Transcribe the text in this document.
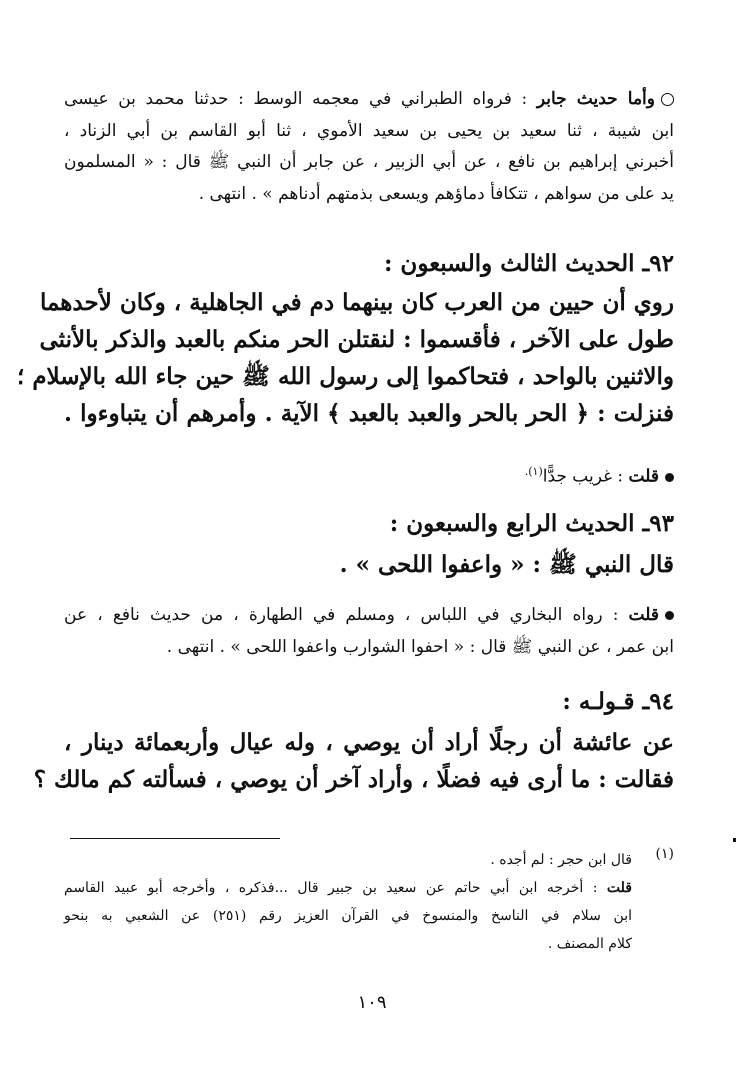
وأما حديث جابر : فرواه الطبراني في معجمه الوسط : حدثنا محمد بن عيسى
ابن شيبة ، ثنا سعيد بن يحيى بن سعيد الأموي ، ثنا أبو القاسم بن أبي الزناد ،
أخبرني إبراهيم بن نافع ، عن أبي الزبير ، عن جابر أن النبي ﷺ قال : « المسلمون
يد على من سواهم ، تتكافأ دماؤهم ويسعى بذمتهم أدناهم » . انتهى .
٩٢ـ الحديث الثالث والسبعون :
روي أن حيين من العرب كان بينهما دم في الجاهلية ، وكان لأحدهما
طول على الآخر ، فأقسموا : لنقتلن الحر منكم بالعبد والذكر بالأنثى
والاثنين بالواحد ، فتحاكموا إلى رسول الله ﷺ حين جاء الله بالإسلام ؛
فنزلت : ﴿ الحر بالحر والعبد بالعبد ﴾ الآية . وأمرهم أن يتباوءوا .
قلت : غريب جدًّا$^{(١).}$
٩٣ـ الحديث الرابع والسبعون :
قال النبي ﷺ : « واعفوا اللحى » .
قلت : رواه البخاري في اللباس ، ومسلم في الطهارة ، من حديث نافع ، عن
ابن عمر ، عن النبي ﷺ قال : « احفوا الشوارب واعفوا اللحى » . انتهى .
٩٤ـ قـولـه :
عن عائشة أن رجلًا أراد أن يوصي ، وله عيال وأربعمائة دينار ،
فقالت : ما أرى فيه فضلًا ، وأراد آخر أن يوصي ، فسألته كم مالك ؟
(١)
قال ابن حجر : لم أجده .
قلت : أخرجه ابن أبي حاتم عن سعيد بن جبير قال ...فذكره ، وأخرجه أبو عبيد القاسم
ابن سلام في الناسخ والمنسوخ في القرآن العزيز رقم (٢٥١) عن الشعبي به بنحو
كلام المصنف .
١٠٩
